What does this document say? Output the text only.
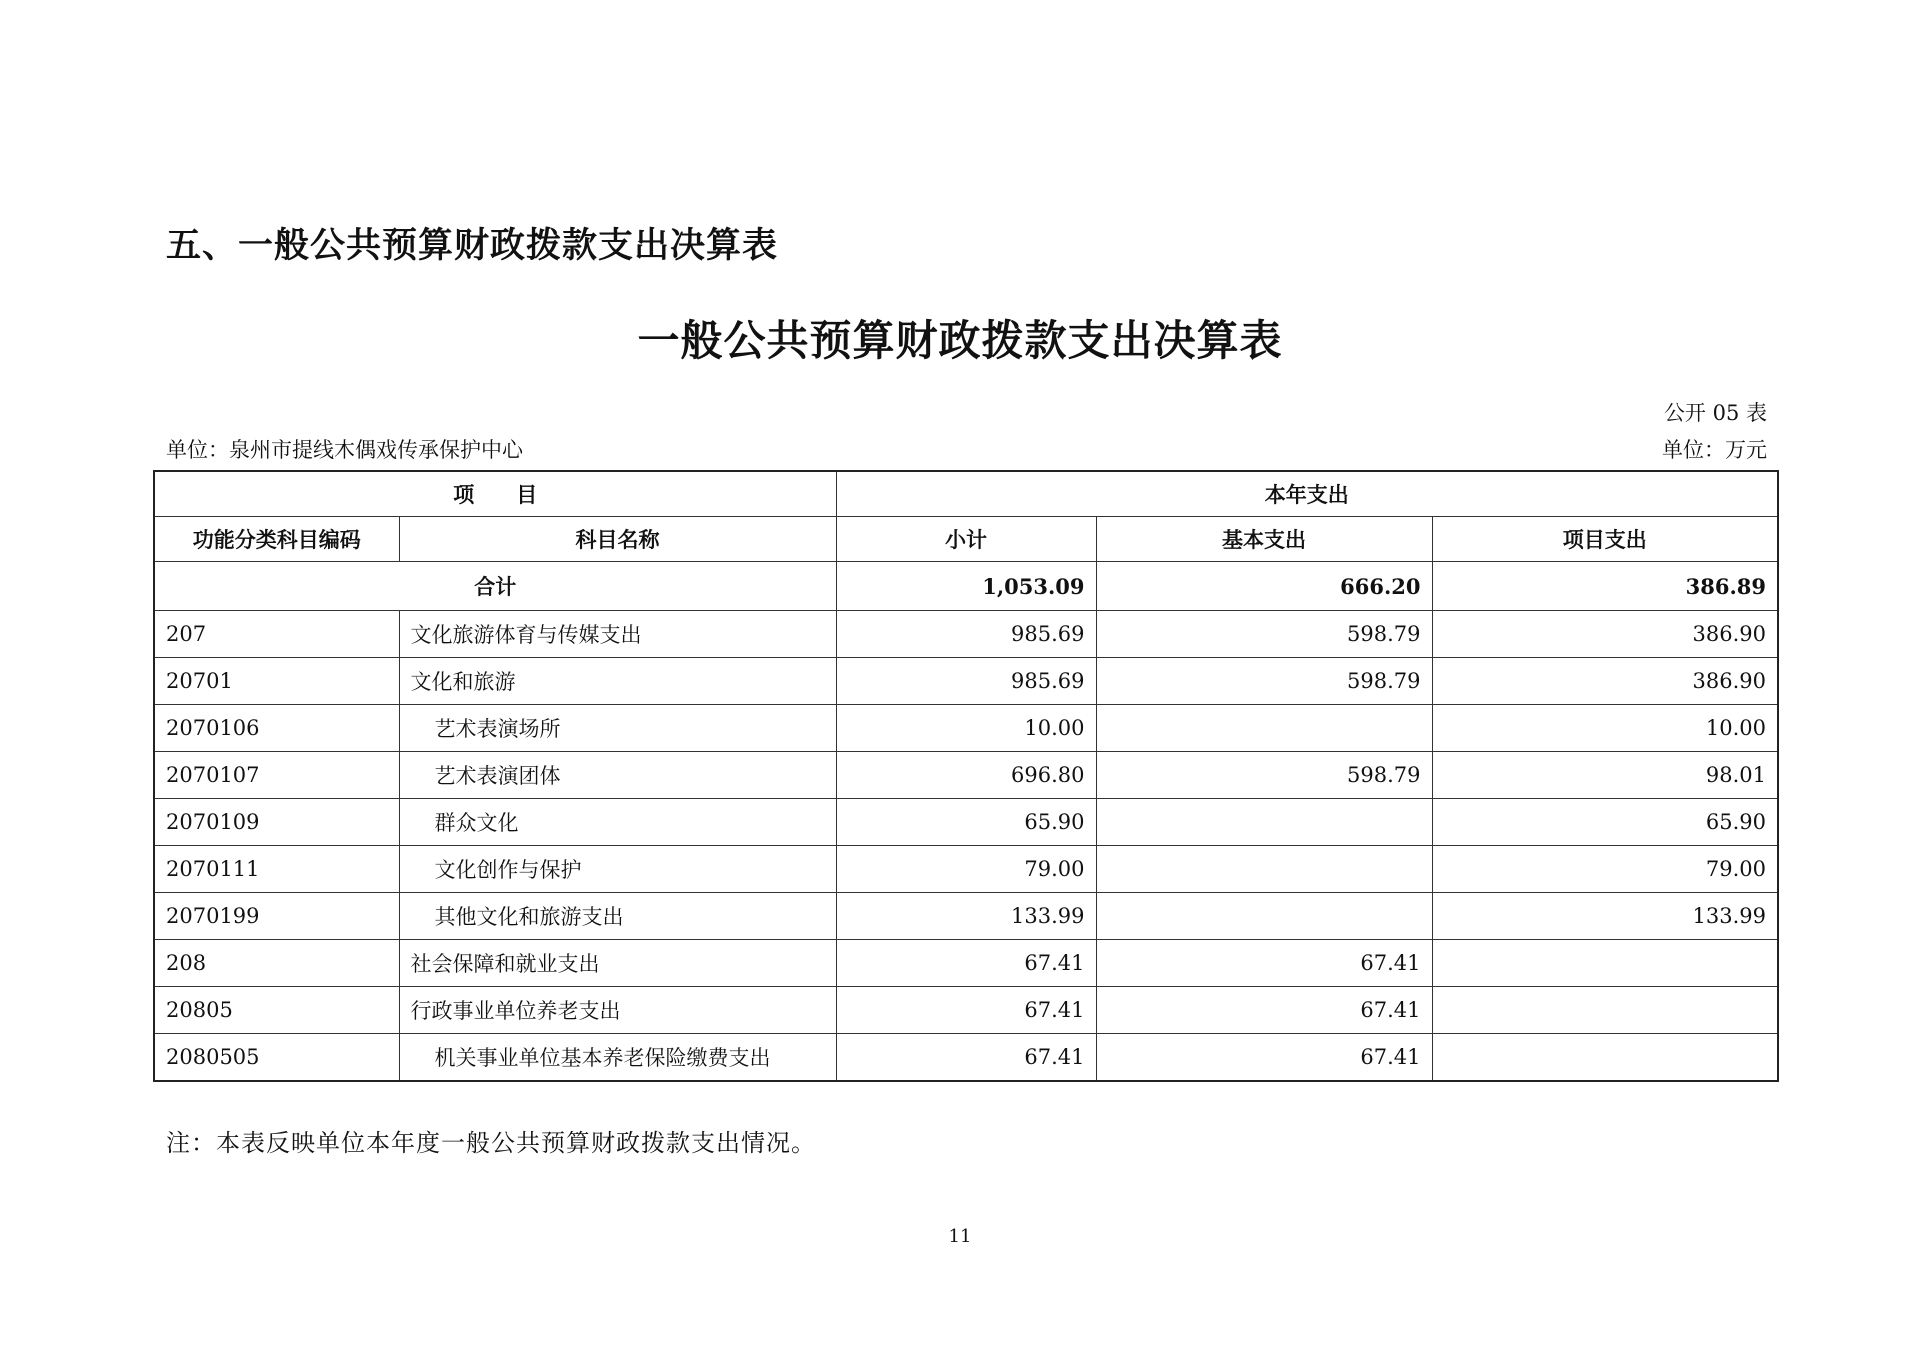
五、一般公共预算财政拨款支出决算表
一般公共预算财政拨款支出决算表
公开 05 表
单位：泉州市提线木偶戏传承保护中心	单位：万元
项　　目		本年支出		
功能分类科目编码	科目名称	小计	基本支出	项目支出
合计		1,053.09	666.20	386.89
207	文化旅游体育与传媒支出	985.69	598.79	386.90
20701	文化和旅游	985.69	598.79	386.90
2070106	艺术表演场所	10.00		10.00
2070107	艺术表演团体	696.80	598.79	98.01
2070109	群众文化	65.90		65.90
2070111	文化创作与保护	79.00		79.00
2070199	其他文化和旅游支出	133.99		133.99
208	社会保障和就业支出	67.41	67.41	
20805	行政事业单位养老支出	67.41	67.41	
2080505	机关事业单位基本养老保险缴费支出	67.41	67.41	
注：本表反映单位本年度一般公共预算财政拨款支出情况。
11
